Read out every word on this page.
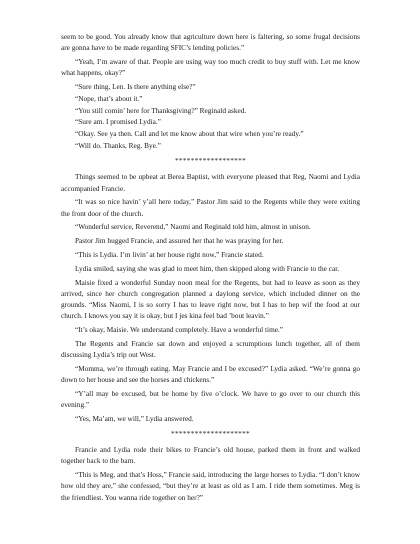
seem to be good. You already know that agriculture down here is faltering, so some frugal decisions are gonna have to be made regarding SFIC’s lending policies.”

“Yeah, I’m aware of that. People are using way too much credit to buy stuff with. Let me know what happens, okay?”

“Sure thing, Len. Is there anything else?”

“Nope, that’s about it.”

“You still comin’ here for Thanksgiving?” Reginald asked.

“Sure am. I promised Lydia.”

“Okay. See ya then. Call and let me know about that wire when you’re ready.”

“Will do. Thanks, Reg. Bye.”

******************

Things seemed to be upbeat at Berea Baptist, with everyone pleased that Reg, Naomi and Lydia accompanied Francie.

“It was so nice havin’ y’all here today,” Pastor Jim said to the Regents while they were exiting the front door of the church.

“Wonderful service, Reverend,” Naomi and Reginald told him, almost in unison.

Pastor Jim hugged Francie, and assured her that he was praying for her.

“This is Lydia. I’m livin’ at her house right now,” Francie stated.

Lydia smiled, saying she was glad to meet him, then skipped along with Francie to the car.

Maisie fixed a wonderful Sunday noon meal for the Regents, but had to leave as soon as they arrived, since her church congregation planned a daylong service, which included dinner on the grounds. “Miss Naomi, I is so sorry I has to leave right now, but I has to hep wif the food at our church. I knows you say it is okay, but I jes kina feel bad ’bout leavin.”

“It’s okay, Maisie. We understand completely. Have a wonderful time.”

The Regents and Francie sat down and enjoyed a scrumptious lunch together, all of them discussing Lydia’s trip out West.

“Momma, we’re through eating. May Francie and I be excused?” Lydia asked. “We’re gonna go down to her house and see the horses and chickens.”

“Y’all may be excused, but be home by five o’clock. We have to go over to our church this evening.”

“Yes, Ma’am, we will,” Lydia answered.

********************

Francie and Lydia rode their bikes to Francie’s old house, parked them in front and walked together back to the barn.

“This is Meg, and that’s Hoss,” Francie said, introducing the large horses to Lydia. “I don’t know how old they are,” she confessed, “but they’re at least as old as I am. I ride them sometimes. Meg is the friendliest. You wanna ride together on her?”
